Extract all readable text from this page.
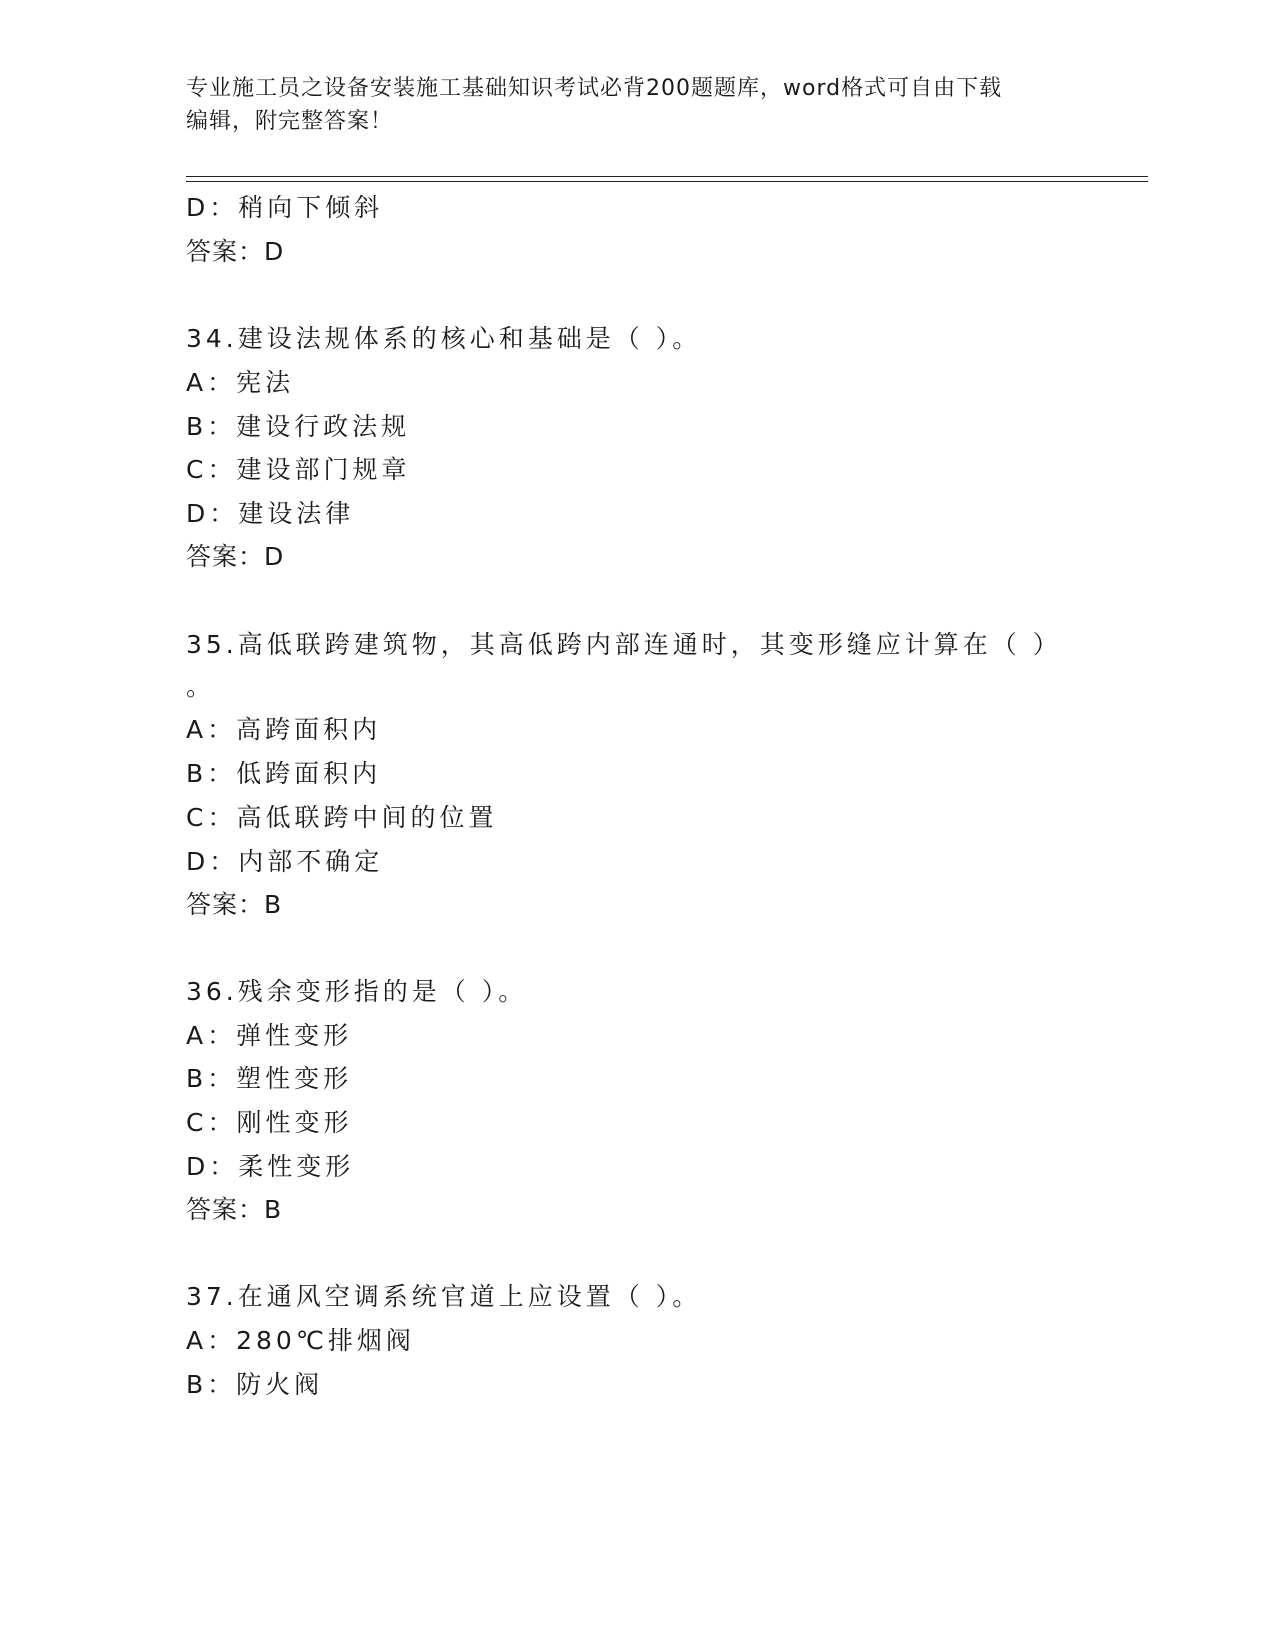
专业施工员之设备安装施工基础知识考试必背200题题库，word格式可自由下载
编辑，附完整答案！
D：稍向下倾斜
答案：D
34.建设法规体系的核心和基础是（ ）。
A：宪法
B：建设行政法规
C：建设部门规章
D：建设法律
答案：D
35.高低联跨建筑物，其高低跨内部连通时，其变形缝应计算在（ ）
。
A：高跨面积内
B：低跨面积内
C：高低联跨中间的位置
D：内部不确定
答案：B
36.残余变形指的是（ ）。
A：弹性变形
B：塑性变形
C：刚性变形
D：柔性变形
答案：B
37.在通风空调系统官道上应设置（ ）。
A：280℃排烟阀
B：防火阀
